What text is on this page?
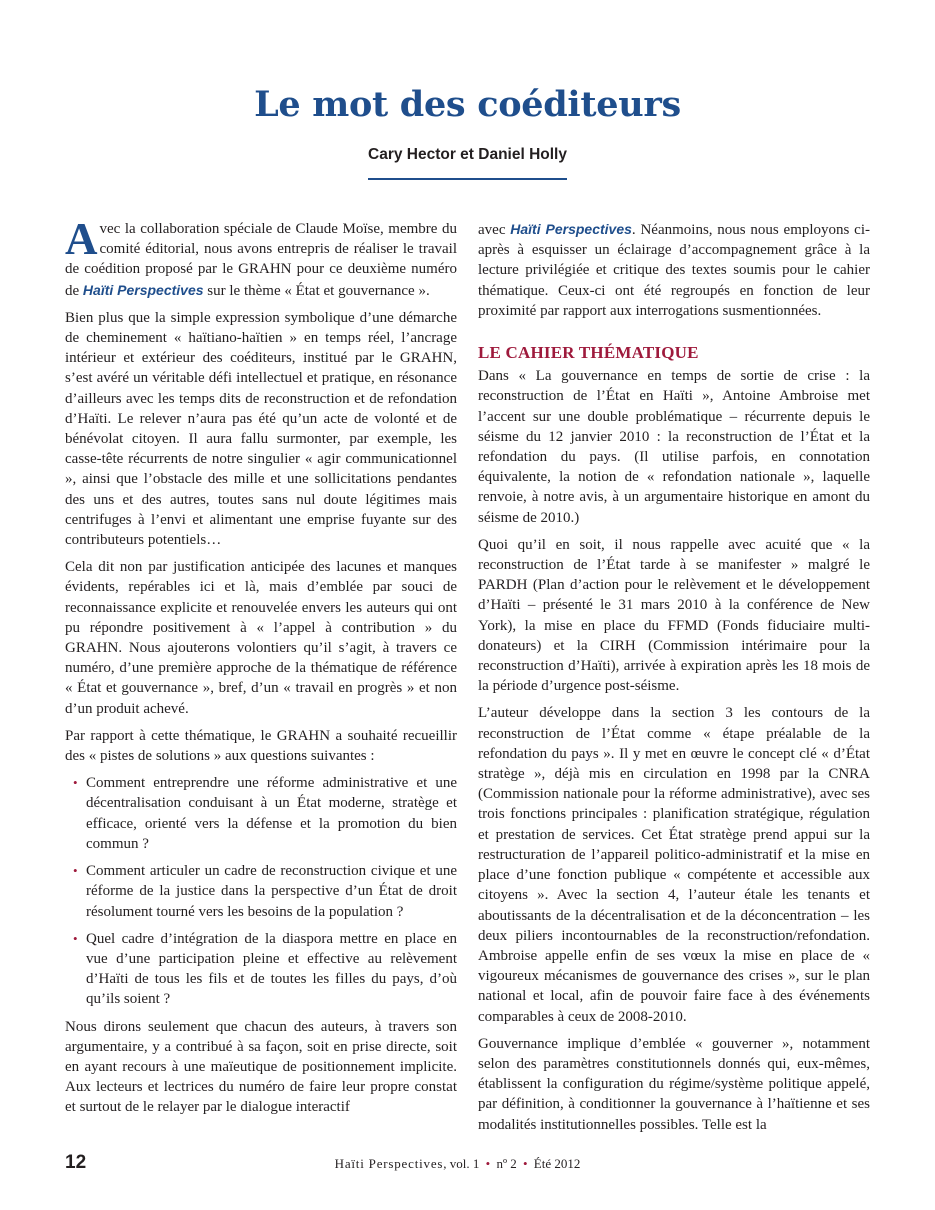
Le mot des coéditeurs
Cary Hector et Daniel Holly

Avec la collaboration spéciale de Claude Moïse, membre du comité éditorial, nous avons entrepris de réaliser le travail de coédition proposé par le GRAHN pour ce deuxième numéro de Haïti Perspectives sur le thème « État et gouvernance ».

Bien plus que la simple expression symbolique d’une démarche de cheminement « haïtiano-haïtien » en temps réel, l’ancrage intérieur et extérieur des coéditeurs, institué par le GRAHN, s’est avéré un véritable défi intellectuel et pratique, en résonance d’ailleurs avec les temps dits de reconstruction et de refondation d’Haïti. Le relever n’aura pas été qu’un acte de volonté et de bénévolat citoyen. Il aura fallu surmonter, par exemple, les casse-tête récurrents de notre singulier « agir communicationnel », ainsi que l’obstacle des mille et une sollicitations pendantes des uns et des autres, toutes sans nul doute légitimes mais centrifuges à l’envi et alimentant une emprise fuyante sur des contributeurs potentiels…

Cela dit non par justification anticipée des lacunes et manques évidents, repérables ici et là, mais d’emblée par souci de reconnaissance explicite et renouvelée envers les auteurs qui ont pu répondre positivement à « l’appel à contribution » du GRAHN. Nous ajouterons volontiers qu’il s’agit, à travers ce numéro, d’une première approche de la thématique de référence « État et gouvernance », bref, d’un « travail en progrès » et non d’un produit achevé.

Par rapport à cette thématique, le GRAHN a souhaité recueillir des « pistes de solutions » aux questions suivantes :

• Comment entreprendre une réforme administrative et une décentralisation conduisant à un État moderne, stratège et efficace, orienté vers la défense et la promotion du bien commun ?
• Comment articuler un cadre de reconstruction civique et une réforme de la justice dans la perspective d’un État de droit résolument tourné vers les besoins de la population ?
• Quel cadre d’intégration de la diaspora mettre en place en vue d’une participation pleine et effective au relèvement d’Haïti de tous les fils et de toutes les filles du pays, d’où qu’ils soient ?

Nous dirons seulement que chacun des auteurs, à travers son argumentaire, y a contribué à sa façon, soit en prise directe, soit en ayant recours à une maïeutique de positionnement implicite. Aux lecteurs et lectrices du numéro de faire leur propre constat et surtout de le relayer par le dialogue interactif

avec Haïti Perspectives. Néanmoins, nous nous employons ci-après à esquisser un éclairage d’accompagnement grâce à la lecture privilégiée et critique des textes soumis pour le cahier thématique. Ceux-ci ont été regroupés en fonction de leur proximité par rapport aux interrogations susmentionnées.

LE CAHIER THÉMATIQUE

Dans « La gouvernance en temps de sortie de crise : la reconstruction de l’État en Haïti », Antoine Ambroise met l’accent sur une double problématique – récurrente depuis le séisme du 12 janvier 2010 : la reconstruction de l’État et la refondation du pays. (Il utilise parfois, en connotation équivalente, la notion de « refondation nationale », laquelle renvoie, à notre avis, à un argumentaire historique en amont du séisme de 2010.)

Quoi qu’il en soit, il nous rappelle avec acuité que « la reconstruction de l’État tarde à se manifester » malgré le PARDH (Plan d’action pour le relèvement et le développement d’Haïti – présenté le 31 mars 2010 à la conférence de New York), la mise en place du FFMD (Fonds fiduciaire multi-donateurs) et la CIRH (Commission intérimaire pour la reconstruction d’Haïti), arrivée à expiration après les 18 mois de la période d’urgence post-séisme.

L’auteur développe dans la section 3 les contours de la reconstruction de l’État comme « étape préalable de la refondation du pays ». Il y met en œuvre le concept clé « d’État stratège », déjà mis en circulation en 1998 par la CNRA (Commission nationale pour la réforme administrative), avec ses trois fonctions principales : planification stratégique, régulation et prestation de services. Cet État stratège prend appui sur la restructuration de l’appareil politico-administratif et la mise en place d’une fonction publique « compétente et accessible aux citoyens ». Avec la section 4, l’auteur étale les tenants et aboutissants de la décentralisation et de la déconcentration – les deux piliers incontournables de la reconstruction/refondation. Ambroise appelle enfin de ses vœux la mise en place de « vigoureux mécanismes de gouvernance des crises », sur le plan national et local, afin de pouvoir faire face à des événements comparables à ceux de 2008-2010.

Gouvernance implique d’emblée « gouverner », notamment selon des paramètres constitutionnels donnés qui, eux-mêmes, établissent la configuration du régime/système politique appelé, par définition, à conditionner la gouvernance à l’haïtienne et ses modalités institutionnelles possibles. Telle est la

12	Haïti Perspectives, vol. 1 • nº 2 • Été 2012
